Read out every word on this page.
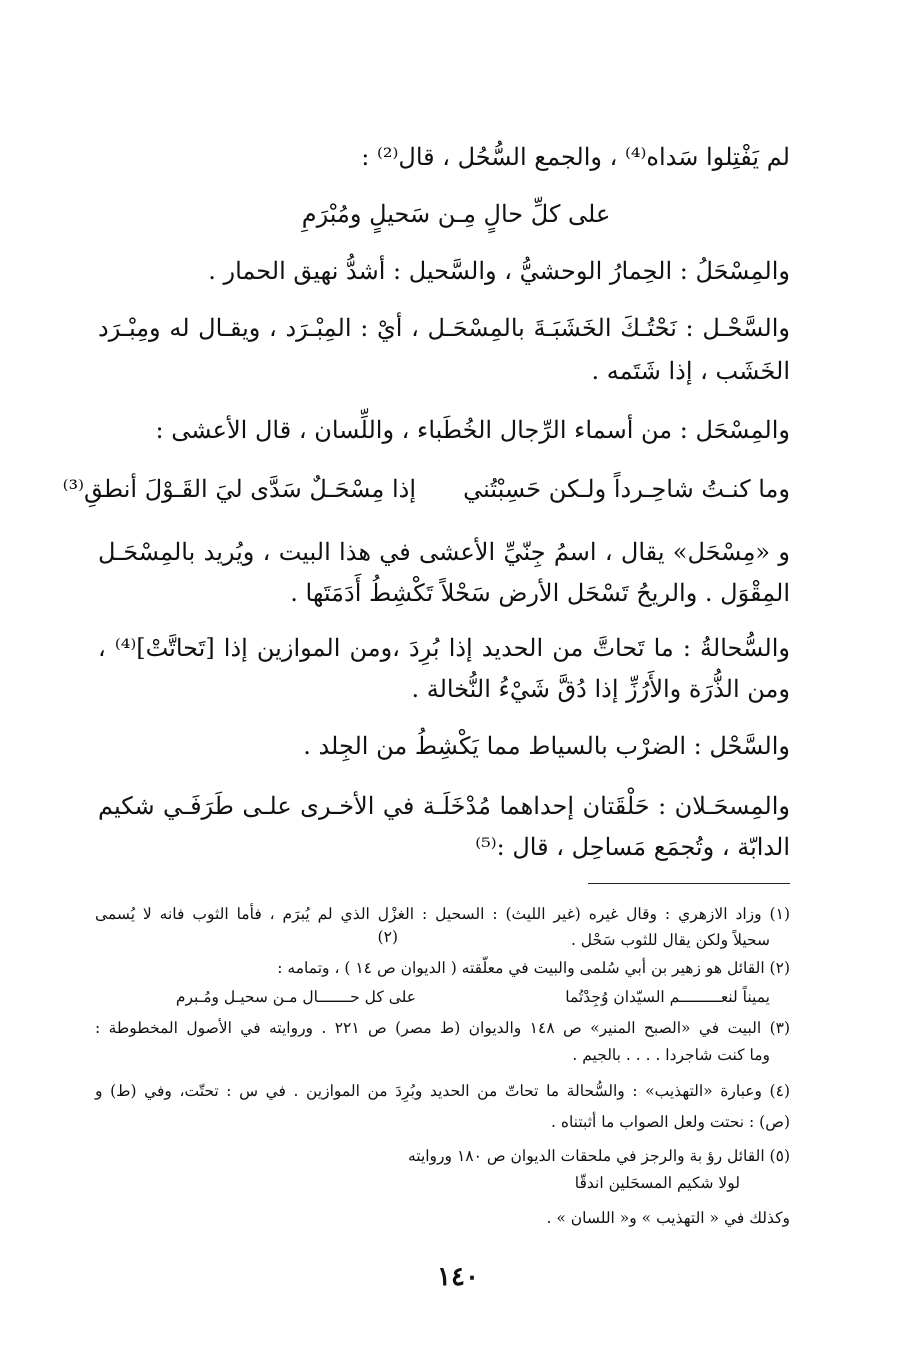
لم يَفْتِلوا سَداه⁽⁴⁾ ، والجمع السُّحُل ، قال⁽²⁾ :
على كلِّ حالٍ مِـن سَحيلٍ ومُبْرَمِ
والمِسْحَلُ : الحِمارُ الوحشيُّ ، والسَّحيل : أشدُّ نهيق الحمار .
والسَّحْـل : نَحْتُـكَ الخَشَبَـةَ بالمِسْحَـل ، أيْ : المِبْـرَد ، ويقـال له ومِبْـرَد
الخَشَب ، إذا شَتَمه .
والمِسْحَل : من أسماء الرِّجال الخُطَباء ، واللِّسان ، قال الأعشى :
وما كنـتُ شاحِـرداً ولـكن حَسِبْتُني
إذا مِسْحَـلٌ سَدَّى ليَ القَـوْلَ أنطقِ⁽³⁾
و «مِسْحَل» يقال ، اسمُ جِنّيِّ الأعشى في هذا البيت ، ويُريد بالمِسْحَـل
المِقْوَل . والريحُ تَسْحَل الأرض سَحْلاً تَكْشِطُ أَدَمَتَها .
والسُّحالةُ : ما تَحاتَّ من الحديد إذا بُرِدَ ،ومن الموازين إذا [تَحاتَّتْ]⁽⁴⁾ ،
ومن الذُّرَة والأَرُزِّ إذا دُقَّ شَيْءُ النُّخالة .
والسَّحْل : الضرْب بالسياط مما يَكْشِطُ من الجِلد .
والمِسحَـلان : حَلْقَتان إحداهما مُدْخَلَـة في الأخـرى علـى طَرَفَـي شكيم
الدابّة ، وتُجمَع مَساحِل ، قال :⁽⁵⁾
(١) وزاد الازهري : وقال غيره (غير الليث) : السحيل : الغزْل الذي لم يُبرَم ، فأما الثوب فانه لا يُسمى
سحيلاً ولكن يقال للثوب سَحْل .
(٢)
(٢) القائل هو زهير بن أبي سُلمى والبيت في معلّقته ( الديوان ص ١٤ ) ، وتمامه :
يميناً لنعـــــــــم السيّدان وُجِدْتُما
على كل حـــــــال مـن سحيـل ومُـبرم
(٣) البيت في «الصبح المنير» ص ١٤٨ والديوان (ط مصر) ص ٢٢١ . وروايته في الأصول المخطوطة :
وما كنت شاجردا . . . . بالجيم .
(٤) وعبارة «التهذيب» : والسُّحالة ما تحاتّ من الحديد وبُرِدَ من الموازين . في س : تحتّت، وفي (ط) و
(ص) : نحتت ولعل الصواب ما أثبتناه .
(٥) القائل رؤ بة والرجز في ملحقات الديوان ص ١٨٠ وروايته
لولا شكيم المسحَلين اندقّا
وكذلك في « التهذيب » و« اللسان » .
١٤٠
